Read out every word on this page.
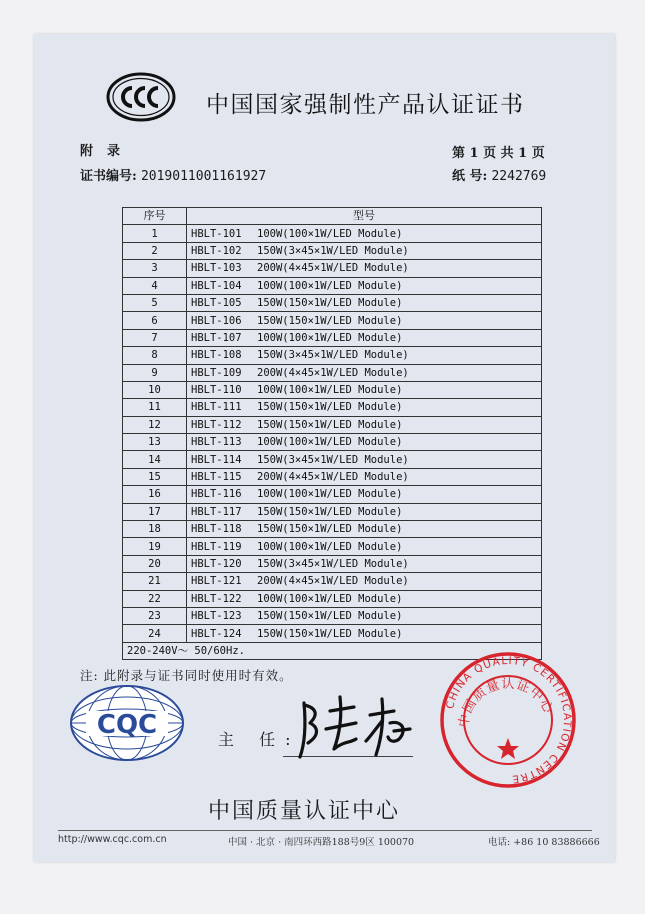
中国国家强制性产品认证证书
附录
证书编号: 2019011001161927
第 1 页 共 1 页
纸 号: 2242769
序号	型号
1	HBLT-101 100W(100×1W/LED Module)
2	HBLT-102 150W(3×45×1W/LED Module)
3	HBLT-103 200W(4×45×1W/LED Module)
4	HBLT-104 100W(100×1W/LED Module)
5	HBLT-105 150W(150×1W/LED Module)
6	HBLT-106 150W(150×1W/LED Module)
7	HBLT-107 100W(100×1W/LED Module)
8	HBLT-108 150W(3×45×1W/LED Module)
9	HBLT-109 200W(4×45×1W/LED Module)
10	HBLT-110 100W(100×1W/LED Module)
11	HBLT-111 150W(150×1W/LED Module)
12	HBLT-112 150W(150×1W/LED Module)
13	HBLT-113 100W(100×1W/LED Module)
14	HBLT-114 150W(3×45×1W/LED Module)
15	HBLT-115 200W(4×45×1W/LED Module)
16	HBLT-116 100W(100×1W/LED Module)
17	HBLT-117 150W(150×1W/LED Module)
18	HBLT-118 150W(150×1W/LED Module)
19	HBLT-119 100W(100×1W/LED Module)
20	HBLT-120 150W(3×45×1W/LED Module)
21	HBLT-121 200W(4×45×1W/LED Module)
22	HBLT-122 100W(100×1W/LED Module)
23	HBLT-123 150W(150×1W/LED Module)
24	HBLT-124 150W(150×1W/LED Module)
220-240V～ 50/60Hz.	
注: 此附录与证书同时使用时有效。
CQC	主 任:
陆梅
CHINA QUALITY CERTIFICATION CENTRE
中国质量认证中心
中国质量认证中心
http://www.cqc.com.cn	中国 · 北京 · 南四环西路188号9区 100070	电话: +86 10 83886666
